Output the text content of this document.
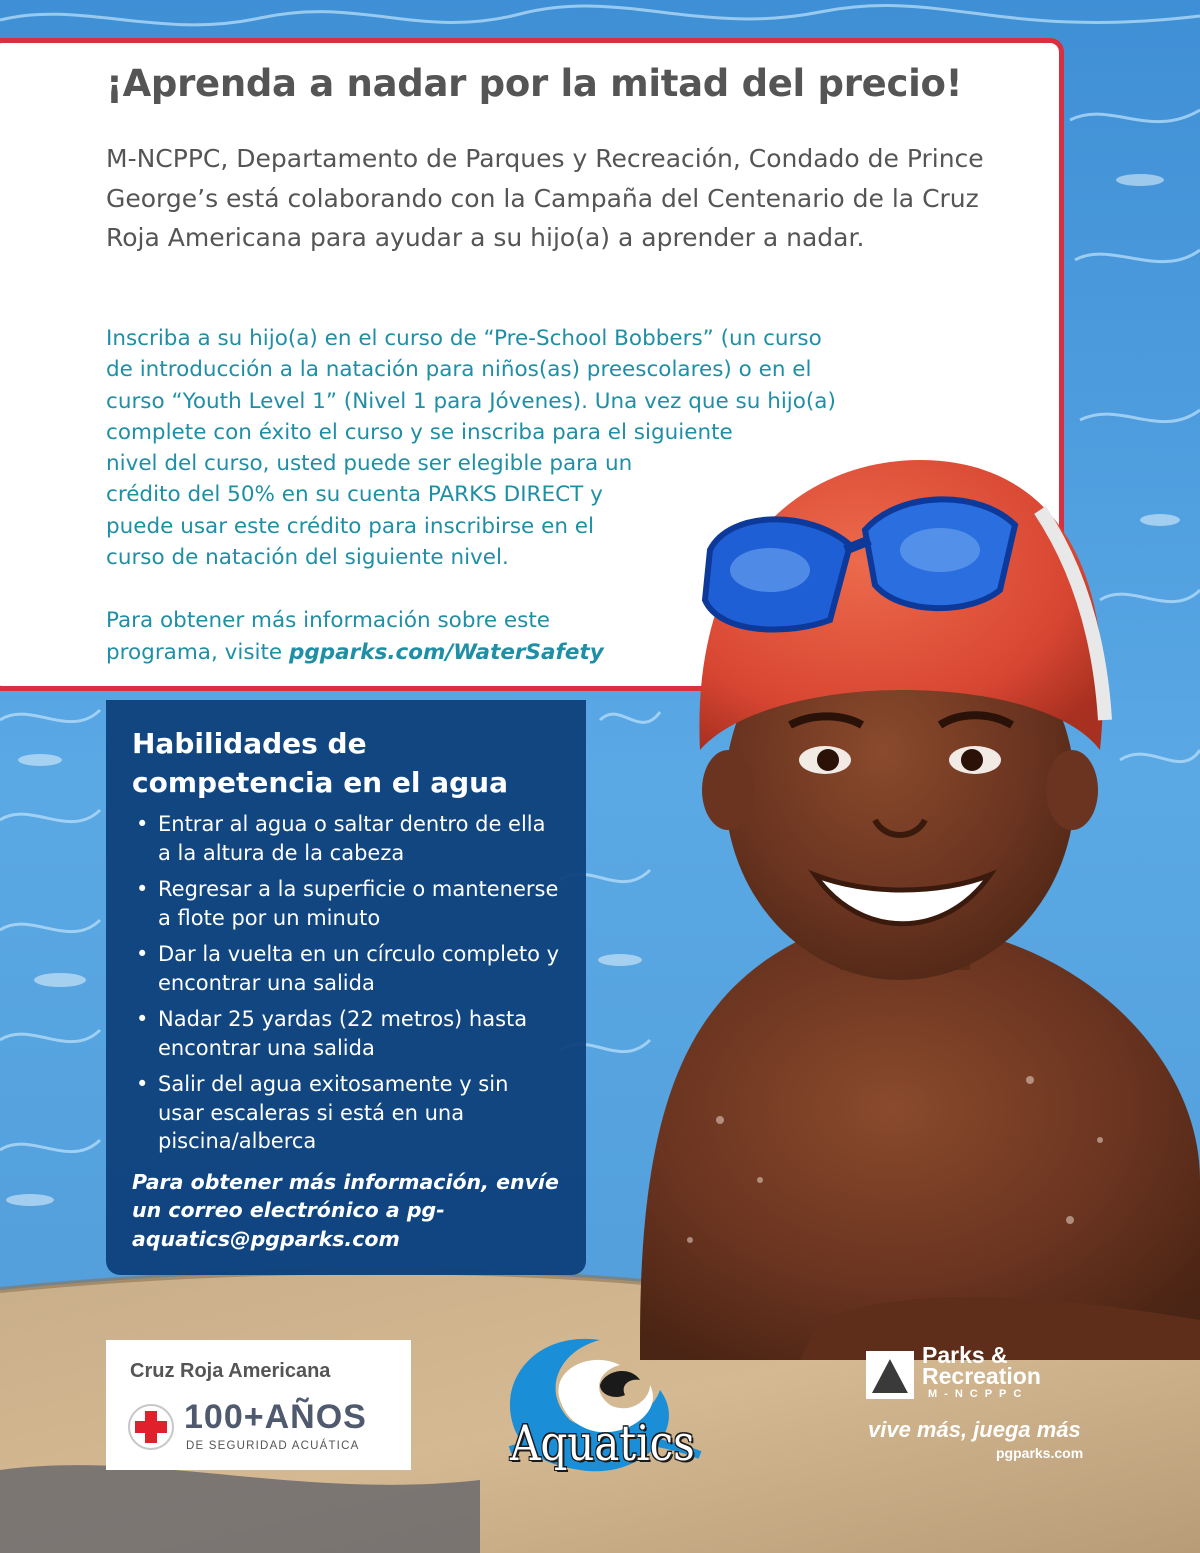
¡Aprenda a nadar por la mitad del precio!

M-NCPPC, Departamento de Parques y Recreación, Condado de Prince George’s está colaborando con la Campaña del Centenario de la Cruz Roja Americana para ayudar a su hijo(a) a aprender a nadar.

Inscriba a su hijo(a) en el curso de “Pre-School Bobbers” (un curso
de introducción a la natación para niños(as) preescolares) o en el
curso “Youth Level 1” (Nivel 1 para Jóvenes). Una vez que su hijo(a)
complete con éxito el curso y se inscriba para el siguiente
nivel del curso, usted puede ser elegible para un
crédito del 50% en su cuenta PARKS DIRECT y
puede usar este crédito para inscribirse en el
curso de natación del siguiente nivel.

Para obtener más información sobre este
programa, visite pgparks.com/WaterSafety

Habilidades de competencia en el agua
• Entrar al agua o saltar dentro de ella a la altura de la cabeza
• Regresar a la superficie o mantenerse a flote por un minuto
• Dar la vuelta en un círculo completo y encontrar una salida
• Nadar 25 yardas (22 metros) hasta encontrar una salida
• Salir del agua exitosamente y sin usar escaleras si está en una piscina/alberca

Para obtener más información, envíe un correo electrónico a pg-aquatics@pgparks.com

Cruz Roja Americana
100+AÑOS
DE SEGURIDAD ACUÁTICA	Aquatics
Parks &
Recreation
M-NCPPC
vive más, juega más
pgparks.com
